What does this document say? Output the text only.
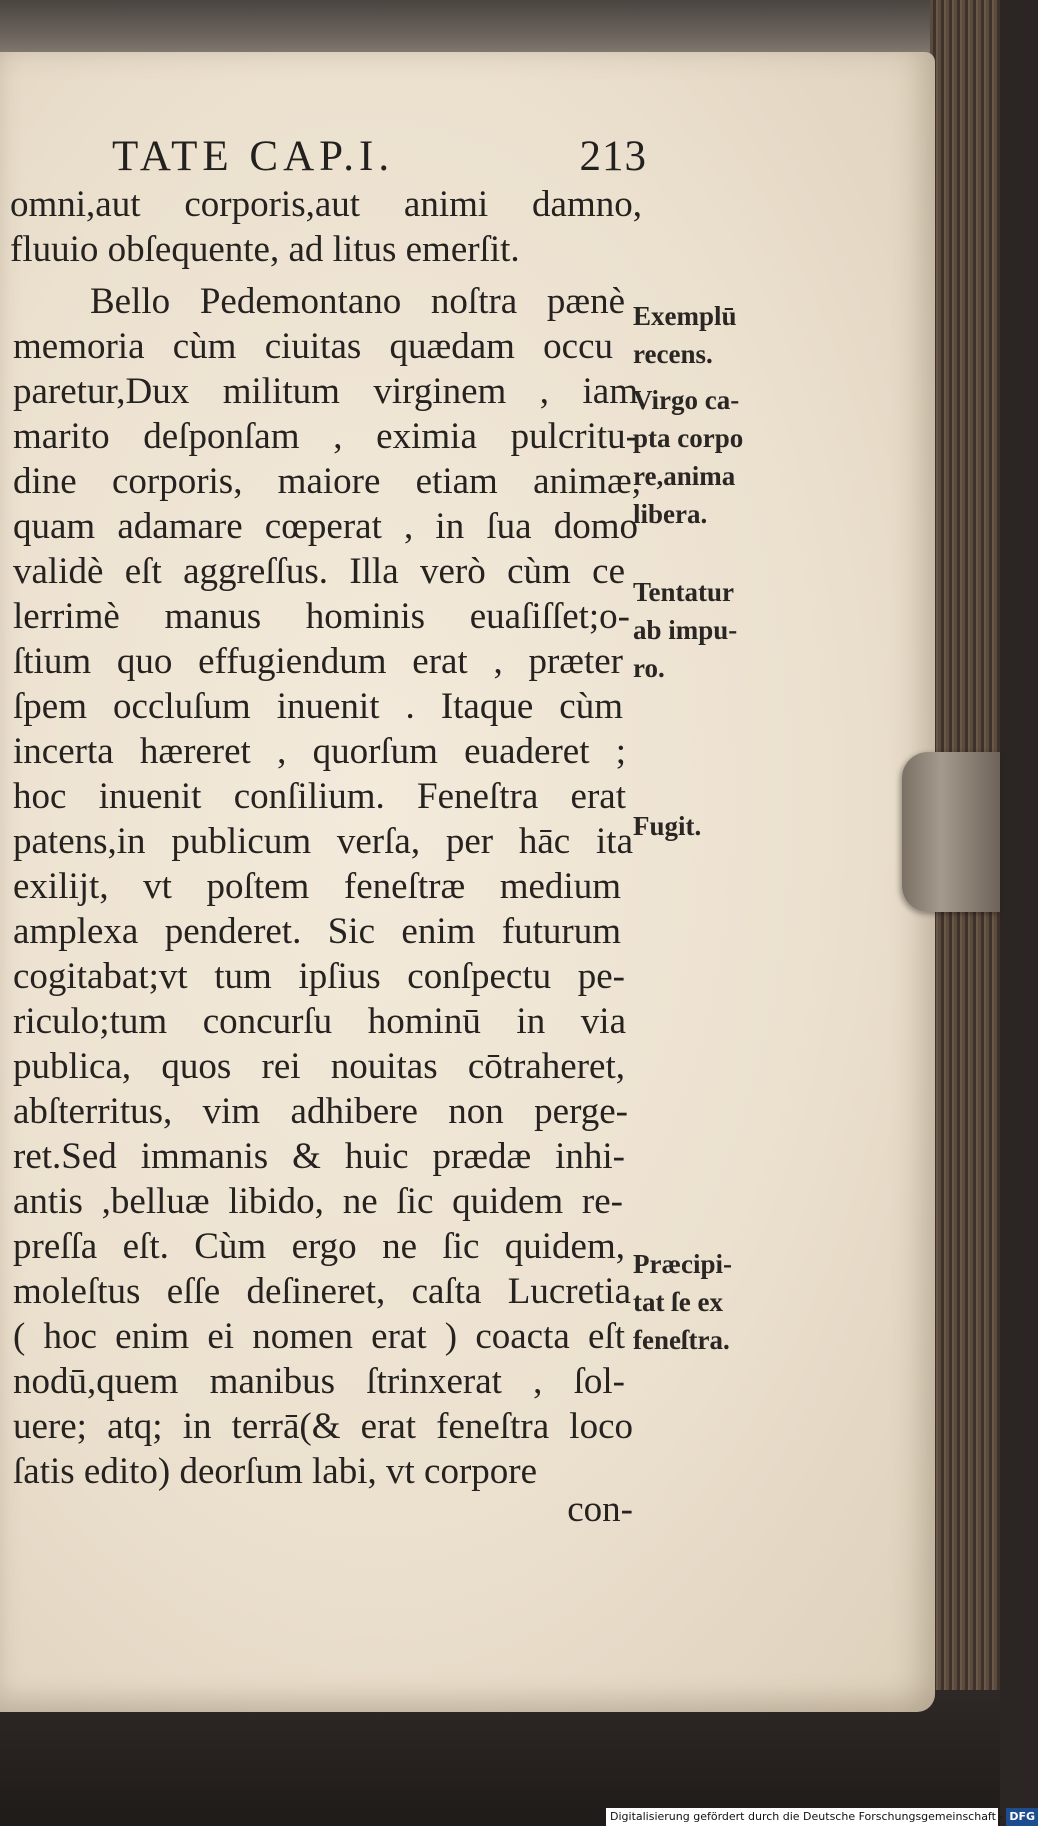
TATE CAP.I.	213
omni,aut corporis,aut animi damno,
fluuio obſequente, ad litus emerſit.
Bello Pedemontano noſtra pænè
memoria cùm ciuitas quædam occu
paretur,Dux militum virginem , iam
marito deſponſam , eximia pulcritu-
dine corporis, maiore etiam animæ,
quam adamare cœperat , in ſua domo
validè eſt aggreſſus. Illa verò cùm ce
lerrimè manus hominis euaſiſſet;o-
ſtium quo effugiendum erat , præter
ſpem occluſum inuenit . Itaque cùm
incerta hæreret , quorſum euaderet ;
hoc inuenit conſilium. Feneſtra erat
patens,in publicum verſa, per hāc ita
exilijt, vt poſtem feneſtræ medium
amplexa penderet. Sic enim futurum
cogitabat;vt tum ipſius conſpectu pe-
riculo;tum concurſu hominū in via
publica, quos rei nouitas cōtraheret,
abſterritus, vim adhibere non perge-
ret.Sed immanis & huic prædæ inhi-
antis ,belluæ libido, ne ſic quidem re-
preſſa eſt. Cùm ergo ne ſic quidem,
moleſtus eſſe deſineret, caſta Lucretia
( hoc enim ei nomen erat ) coacta eſt
nodū,quem manibus ſtrinxerat , ſol-
uere; atq; in terrā(& erat feneſtra loco
ſatis edito) deorſum labi, vt corpore
con-
Exemplū
recens.
Virgo ca-
pta corpo
re,anima
libera.
Tentatur
ab impu-
ro.
Fugit.
Præcipi-
tat ſe ex
feneſtra.
Digitalisierung gefördert durch die Deutsche Forschungsgemeinschaft - DFG
